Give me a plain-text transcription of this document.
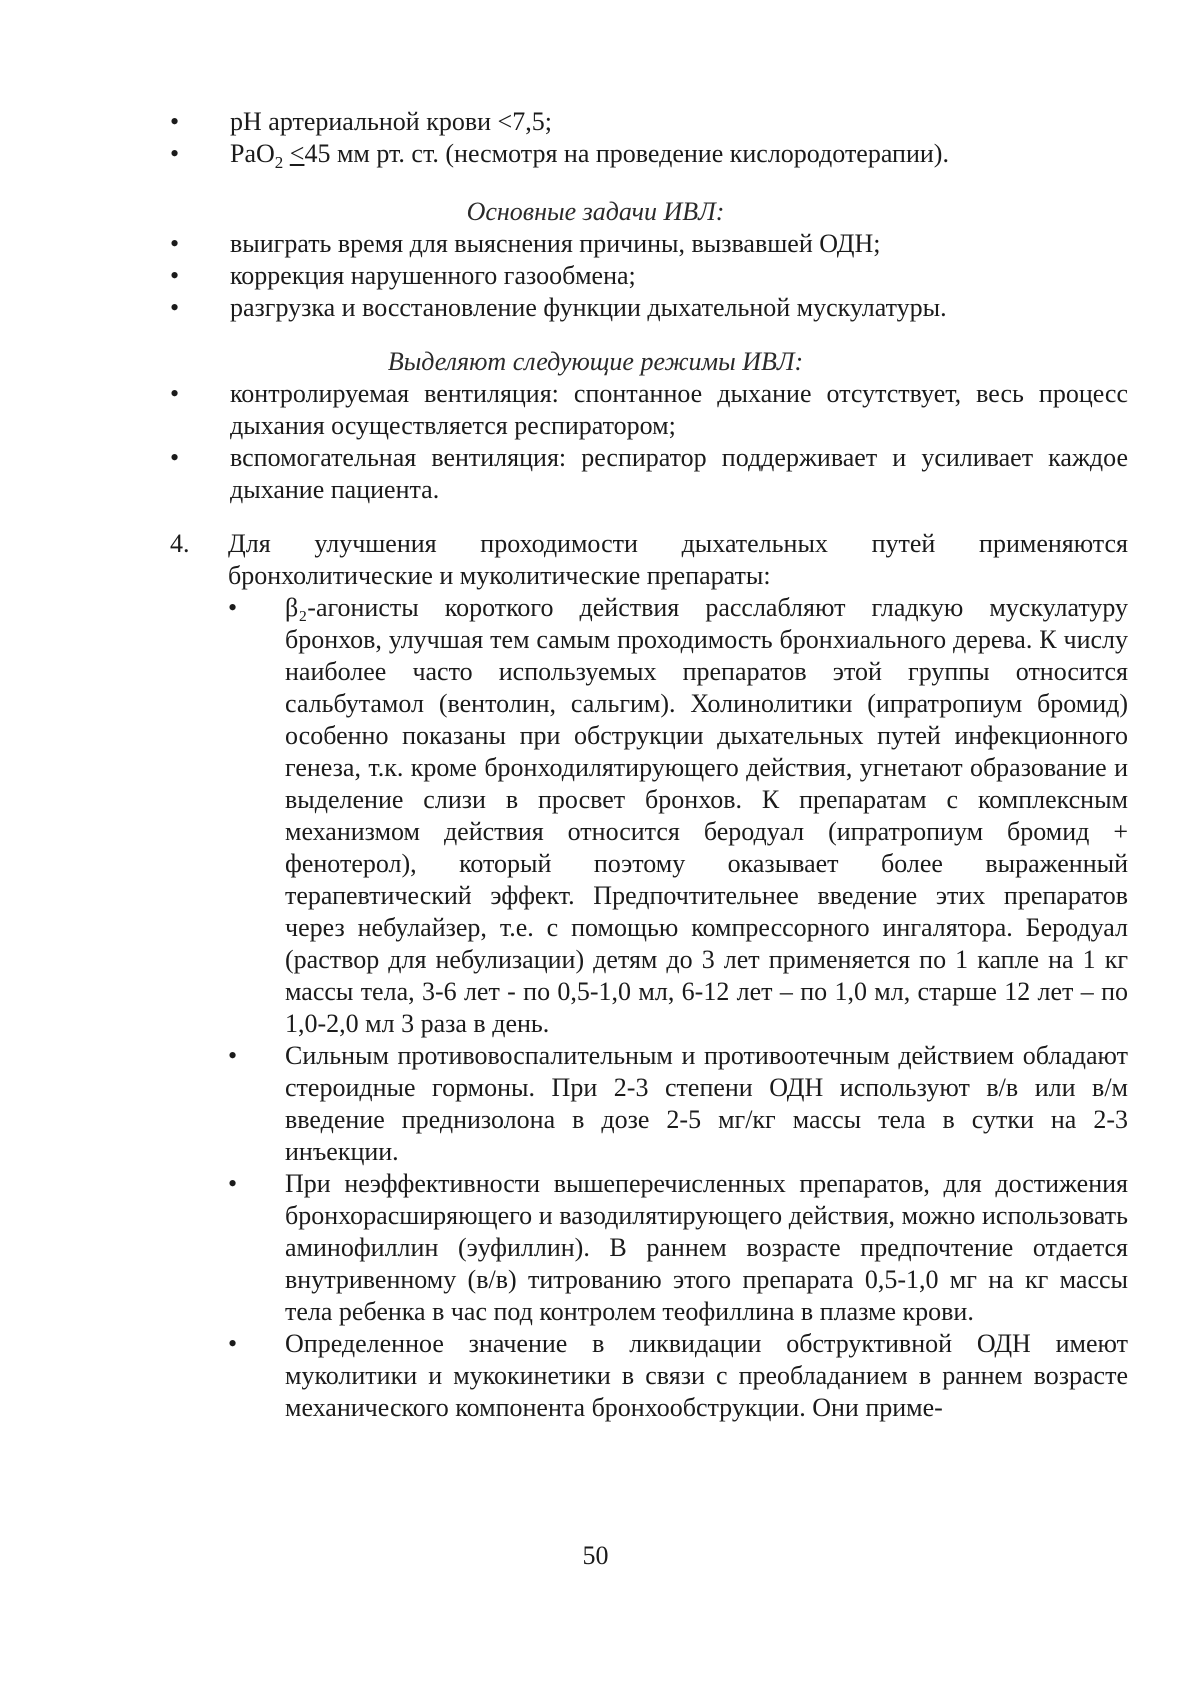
•	рН артериальной крови <7,5;
•	РаО$_2$ <45 мм рт. ст. (несмотря на проведение кислородотерапии).
Основные задачи ИВЛ:
•	выиграть время для выяснения причины, вызвавшей ОДН;
•	коррекция нарушенного газообмена;
•	разгрузка и восстановление функции дыхательной мускулатуры.
Выделяют следующие режимы ИВЛ:
•	контролируемая вентиляция: спонтанное дыхание отсутствует, весь процесс дыхания осуществляется респиратором;
•	вспомогательная вентиляция: респиратор поддерживает и усиливает каждое дыхание пациента.
4. Для улучшения проходимости дыхательных путей применяются бронхолитические и муколитические препараты:
• β₂-агонисты короткого действия расслабляют гладкую мускулатуру бронхов, улучшая тем самым проходимость бронхиального дерева. К числу наиболее часто используемых препаратов этой группы относится сальбутамол (вентолин, сальгим). Холинолитики (ипратропиум бромид) особенно показаны при обструкции дыхательных путей инфекционного генеза, т.к. кроме бронходилятирующего действия, угнетают образование и выделение слизи в просвет бронхов. К препаратам с комплексным механизмом действия относится беродуал (ипратропиум бромид + фенотерол), который поэтому оказывает более выраженный терапевтический эффект. Предпочтительнее введение этих препаратов через небулайзер, т.е. с помощью компрессорного ингалятора. Беродуал (раствор для небулизации) детям до 3 лет применяется по 1 капле на 1 кг массы тела, 3-6 лет - по 0,5-1,0 мл, 6-12 лет – по 1,0 мл, старше 12 лет – по 1,0-2,0 мл 3 раза в день.
• Сильным противовоспалительным и противоотечным действием обладают стероидные гормоны. При 2-3 степени ОДН используют в/в или в/м введение преднизолона в дозе 2-5 мг/кг массы тела в сутки на 2-3 инъекции.
• При неэффективности вышеперечисленных препаратов, для достижения бронхорасширяющего и вазодилятирующего действия, можно использовать аминофиллин (эуфиллин). В раннем возрасте предпочтение отдается внутривенному (в/в) титрованию этого препарата 0,5-1,0 мг на кг массы тела ребенка в час под контролем теофиллина в плазме крови.
• Определенное значение в ликвидации обструктивной ОДН имеют муколитики и мукокинетики в связи с преобладанием в раннем возрасте механического компонента бронхообструкции. Они приме-
50
